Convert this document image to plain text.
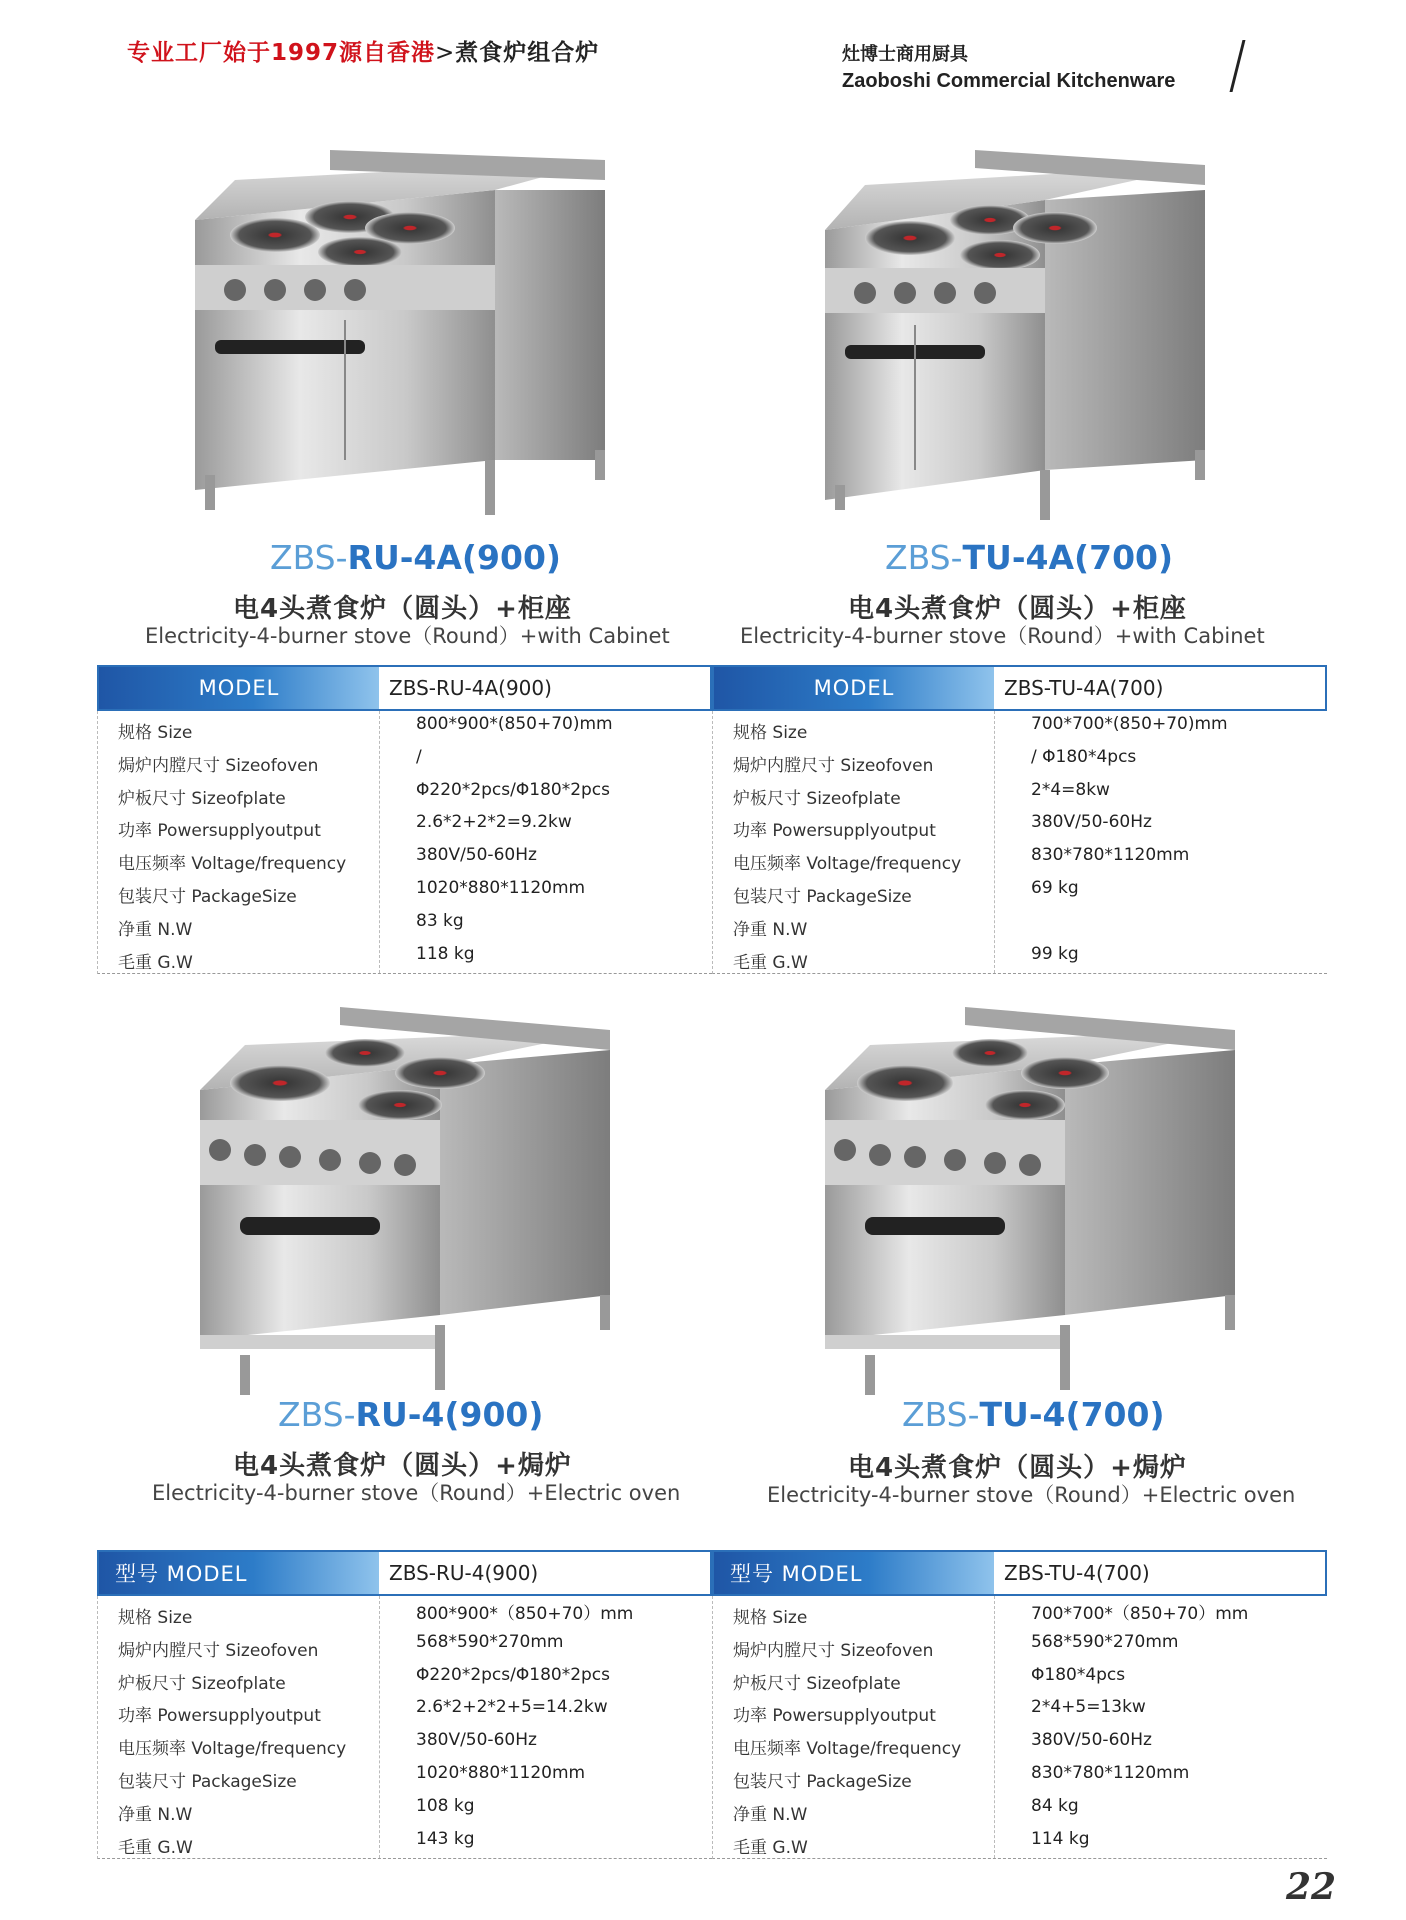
专业工厂始于1997源自香港>煮食炉组合炉	灶博士商用厨具
Zaoboshi Commercial Kitchenware
ZBS-RU-4A(900)
电4头煮食炉（圆头）+柜座
Electricity-4-burner stove（Round）+with Cabinet
ZBS-TU-4A(700)
电4头煮食炉（圆头）+柜座
Electricity-4-burner stove（Round）+with Cabinet
MODEL	ZBS-RU-4A(900)
规格 Size	800*900*(850+70)mm
焗炉内膛尺寸 Sizeofoven	/
炉板尺寸 Sizeofplate	Φ220*2pcs/Φ180*2pcs
功率 Powersupplyoutput	2.6*2+2*2=9.2kw
电压频率 Voltage/frequency	380V/50-60Hz
包装尺寸 PackageSize	1020*880*1120mm
净重 N.W	83 kg
毛重 G.W	118 kg
MODEL	ZBS-TU-4A(700)
规格 Size	700*700*(850+70)mm
焗炉内膛尺寸 Sizeofoven	/ Φ180*4pcs
炉板尺寸 Sizeofplate	2*4=8kw
功率 Powersupplyoutput	380V/50-60Hz
电压频率 Voltage/frequency	830*780*1120mm
包装尺寸 PackageSize	69 kg
净重 N.W
毛重 G.W	99 kg
ZBS-RU-4(900)
电4头煮食炉（圆头）+焗炉
Electricity-4-burner stove（Round）+Electric oven
ZBS-TU-4(700)
电4头煮食炉（圆头）+焗炉
Electricity-4-burner stove（Round）+Electric oven
型号 MODEL	ZBS-RU-4(900)
规格 Size	800*900*（850+70）mm
焗炉内膛尺寸 Sizeofoven	568*590*270mm
炉板尺寸 Sizeofplate	Φ220*2pcs/Φ180*2pcs
功率 Powersupplyoutput	2.6*2+2*2+5=14.2kw
电压频率 Voltage/frequency	380V/50-60Hz
包装尺寸 PackageSize	1020*880*1120mm
净重 N.W	108 kg
毛重 G.W	143 kg
型号 MODEL	ZBS-TU-4(700)
规格 Size	700*700*（850+70）mm
焗炉内膛尺寸 Sizeofoven	568*590*270mm
炉板尺寸 Sizeofplate	Φ180*4pcs
功率 Powersupplyoutput	2*4+5=13kw
电压频率 Voltage/frequency	380V/50-60Hz
包装尺寸 PackageSize	830*780*1120mm
净重 N.W	84 kg
毛重 G.W	114 kg
22
